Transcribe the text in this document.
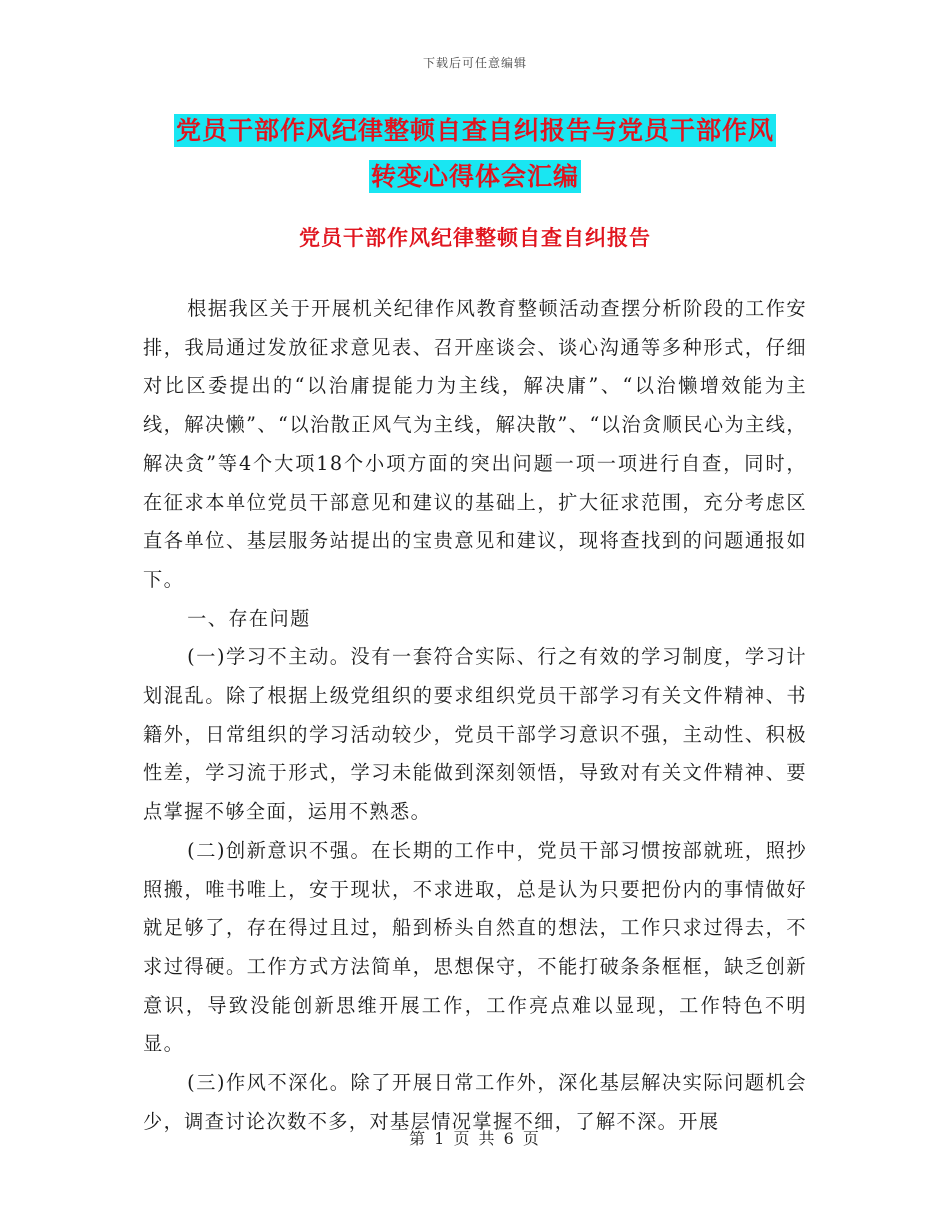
下载后可任意编辑
党员干部作风纪律整顿自查自纠报告与党员干部作风
转变心得体会汇编
党员干部作风纪律整顿自查自纠报告

根据我区关于开展机关纪律作风教育整顿活动查摆分析阶段的工作安排，我局通过发放征求意见表、召开座谈会、谈心沟通等多种形式，仔细对比区委提出的“以治庸提能力为主线，解决庸”、“以治懒增效能为主线，解决懒”、“以治散正风气为主线，解决散”、“以治贪顺民心为主线，解决贪”等4个大项18个小项方面的突出问题一项一项进行自查，同时，在征求本单位党员干部意见和建议的基础上，扩大征求范围，充分考虑区直各单位、基层服务站提出的宝贵意见和建议，现将查找到的问题通报如下。

一、存在问题

(一)学习不主动。没有一套符合实际、行之有效的学习制度，学习计划混乱。除了根据上级党组织的要求组织党员干部学习有关文件精神、书籍外，日常组织的学习活动较少，党员干部学习意识不强，主动性、积极性差，学习流于形式，学习未能做到深刻领悟，导致对有关文件精神、要点掌握不够全面，运用不熟悉。

(二)创新意识不强。在长期的工作中，党员干部习惯按部就班，照抄照搬，唯书唯上，安于现状，不求进取，总是认为只要把份内的事情做好就足够了，存在得过且过，船到桥头自然直的想法，工作只求过得去，不求过得硬。工作方式方法简单，思想保守，不能打破条条框框，缺乏创新意识，导致没能创新思维开展工作，工作亮点难以显现，工作特色不明显。

(三)作风不深化。除了开展日常工作外，深化基层解决实际问题机会少，调查讨论次数不多，对基层情况掌握不细，了解不深。开展

第 1 页 共 6 页
